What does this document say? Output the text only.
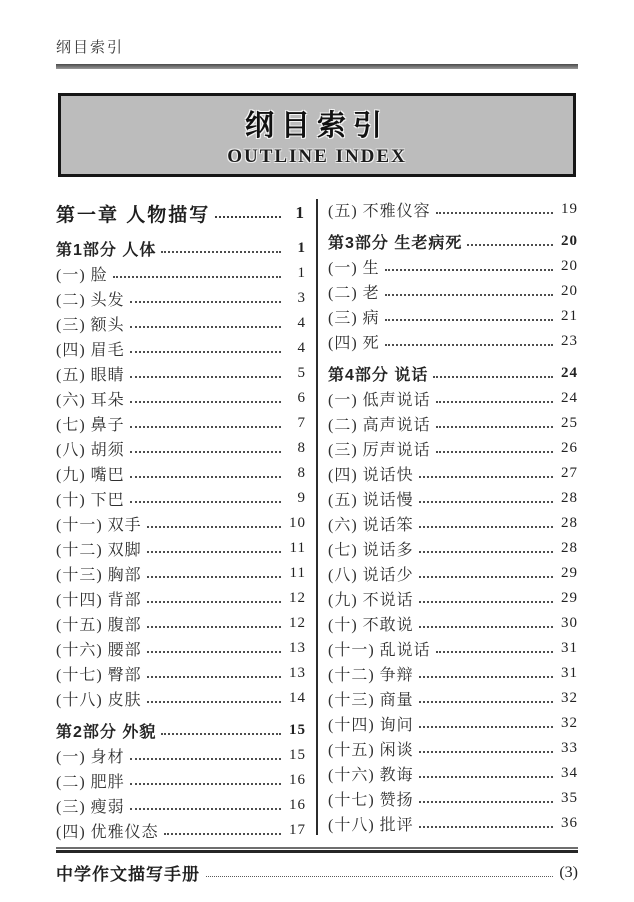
纲目索引
纲目索引
OUTLINE INDEX
第一章 人物描写	1
第1部分 人体	1
(一) 脸	1
(二) 头发	3
(三) 额头	4
(四) 眉毛	4
(五) 眼睛	5
(六) 耳朵	6
(七) 鼻子	7
(八) 胡须	8
(九) 嘴巴	8
(十) 下巴	9
(十一) 双手	10
(十二) 双脚	11
(十三) 胸部	11
(十四) 背部	12
(十五) 腹部	12
(十六) 腰部	13
(十七) 臀部	13
(十八) 皮肤	14
第2部分 外貌	15
(一) 身材	15
(二) 肥胖	16
(三) 瘦弱	16
(四) 优雅仪态	17
(五) 不雅仪容	19
第3部分 生老病死	20
(一) 生	20
(二) 老	20
(三) 病	21
(四) 死	23
第4部分 说话	24
(一) 低声说话	24
(二) 高声说话	25
(三) 厉声说话	26
(四) 说话快	27
(五) 说话慢	28
(六) 说话笨	28
(七) 说话多	28
(八) 说话少	29
(九) 不说话	29
(十) 不敢说	30
(十一) 乱说话	31
(十二) 争辩	31
(十三) 商量	32
(十四) 询问	32
(十五) 闲谈	33
(十六) 教诲	34
(十七) 赞扬	35
(十八) 批评	36
中学作文描写手册	(3)
